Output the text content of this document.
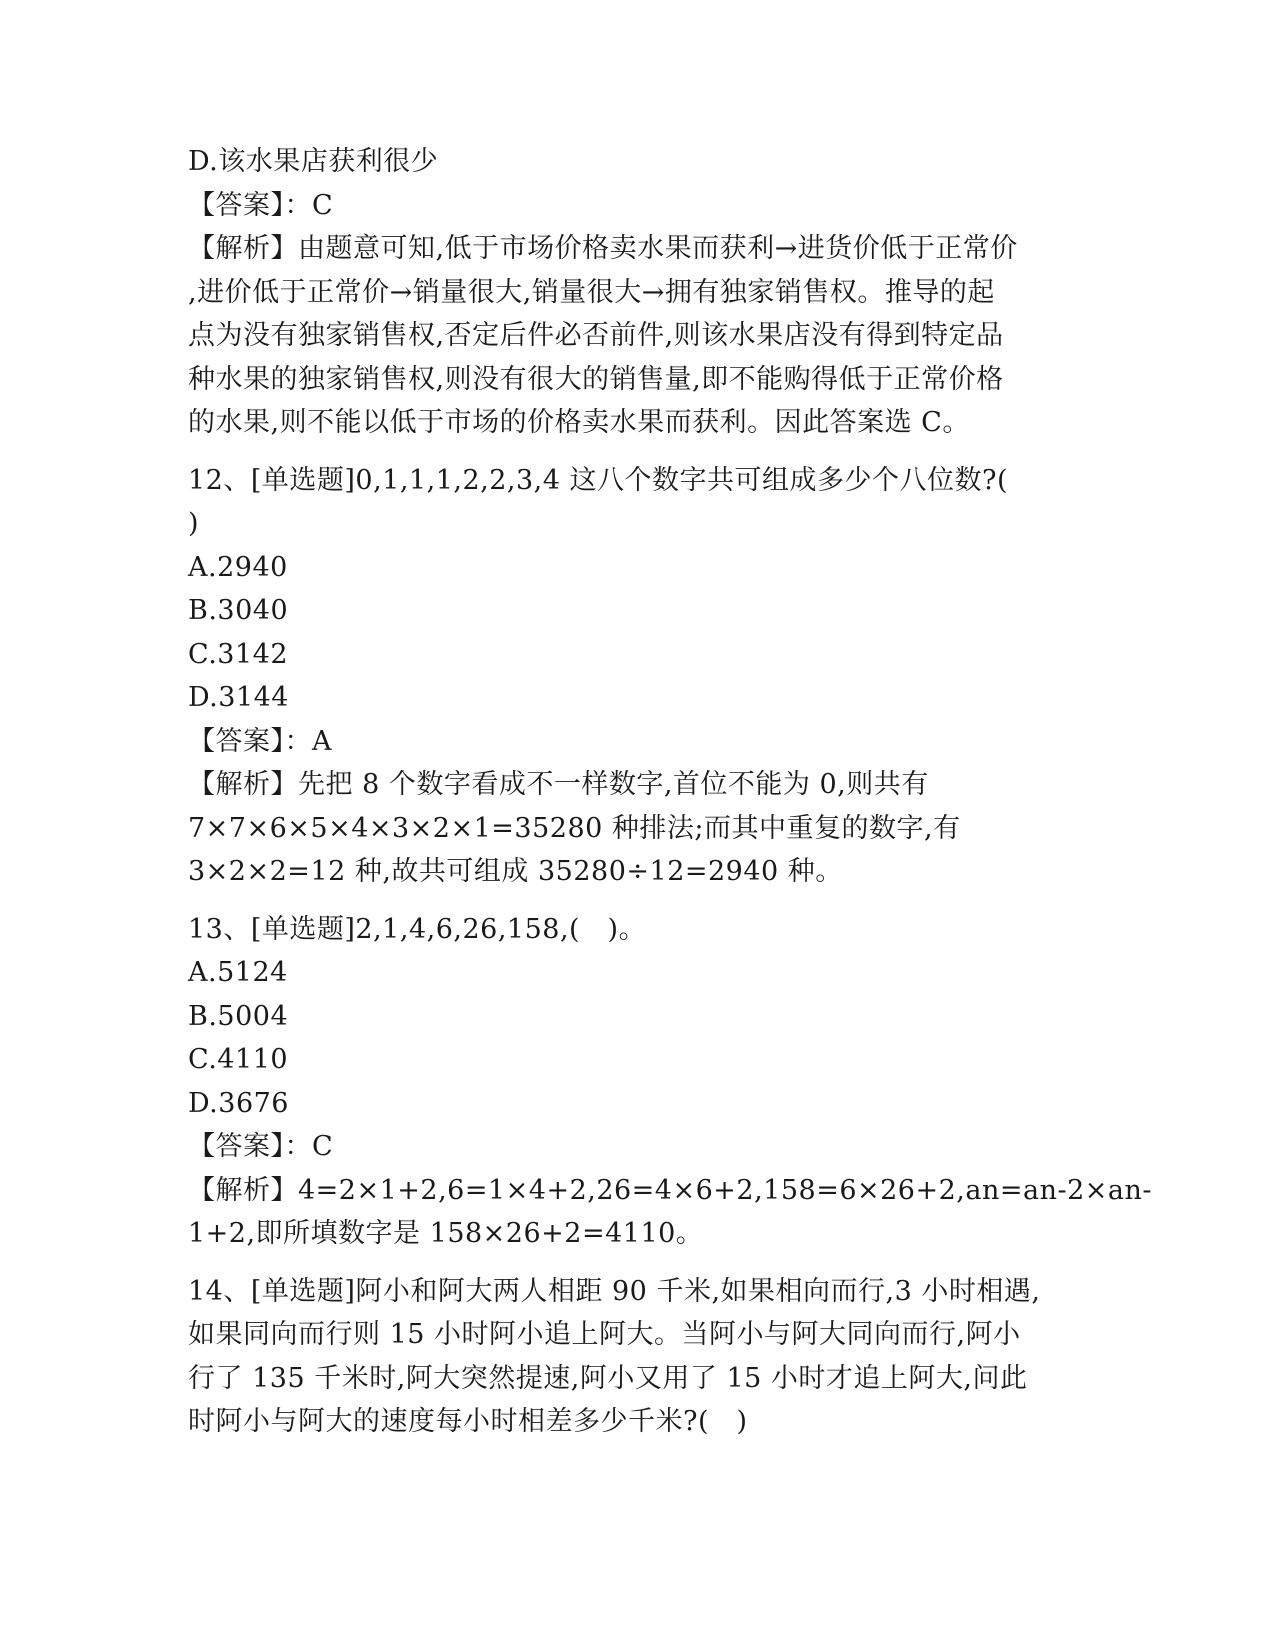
D.该水果店获利很少
【答案】：C
【解析】由题意可知,低于市场价格卖水果而获利→进货价低于正常价
,进价低于正常价→销量很大,销量很大→拥有独家销售权。推导的起
点为没有独家销售权,否定后件必否前件,则该水果店没有得到特定品
种水果的独家销售权,则没有很大的销售量,即不能购得低于正常价格
的水果,则不能以低于市场的价格卖水果而获利。因此答案选 C。
12、[单选题]0,1,1,1,2,2,3,4 这八个数字共可组成多少个八位数?(
)
A.2940
B.3040
C.3142
D.3144
【答案】：A
【解析】先把 8 个数字看成不一样数字,首位不能为 0,则共有
7×7×6×5×4×3×2×1=35280 种排法;而其中重复的数字,有
3×2×2=12 种,故共可组成 35280÷12=2940 种。
13、[单选题]2,1,4,6,26,158,(　)。
A.5124
B.5004
C.4110
D.3676
【答案】：C
【解析】4=2×1+2,6=1×4+2,26=4×6+2,158=6×26+2,an=an-2×an-
1+2,即所填数字是 158×26+2=4110。
14、[单选题]阿小和阿大两人相距 90 千米,如果相向而行,3 小时相遇,
如果同向而行则 15 小时阿小追上阿大。当阿小与阿大同向而行,阿小
行了 135 千米时,阿大突然提速,阿小又用了 15 小时才追上阿大,问此
时阿小与阿大的速度每小时相差多少千米?(　)
